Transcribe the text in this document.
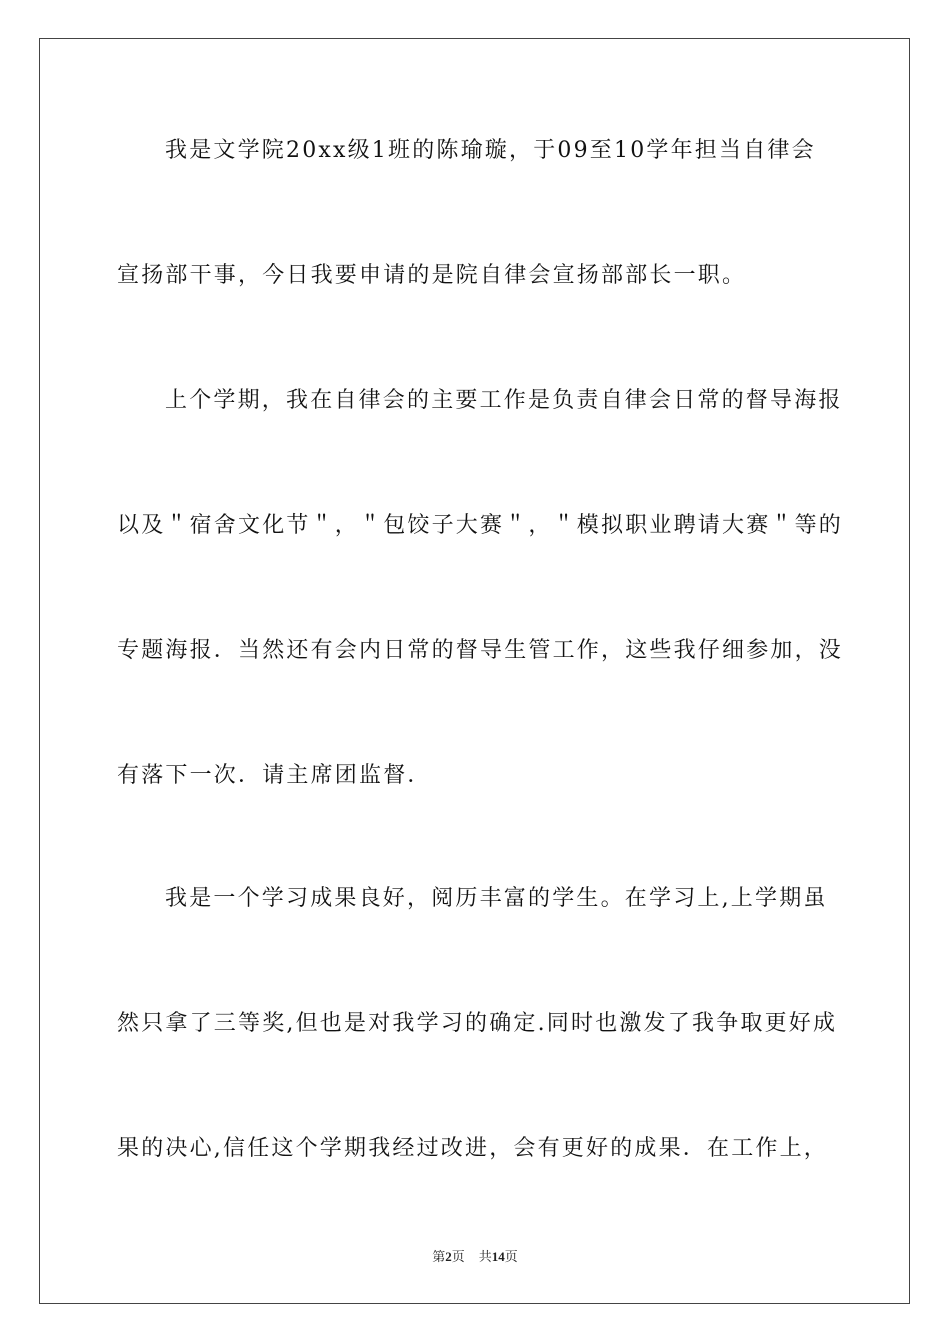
我是文学院20xx级1班的陈瑜璇，于09至10学年担当自律会
宣扬部干事，今日我要申请的是院自律会宣扬部部长一职。
上个学期，我在自律会的主要工作是负责自律会日常的督导海报
以及＂宿舍文化节＂，＂包饺子大赛＂，＂模拟职业聘请大赛＂等的
专题海报．当然还有会内日常的督导生管工作，这些我仔细参加，没
有落下一次．请主席团监督．
我是一个学习成果良好，阅历丰富的学生。在学习上,上学期虽
然只拿了三等奖,但也是对我学习的确定.同时也激发了我争取更好成
果的决心,信任这个学期我经过改进，会有更好的成果．在工作上，
第2页 共14页
